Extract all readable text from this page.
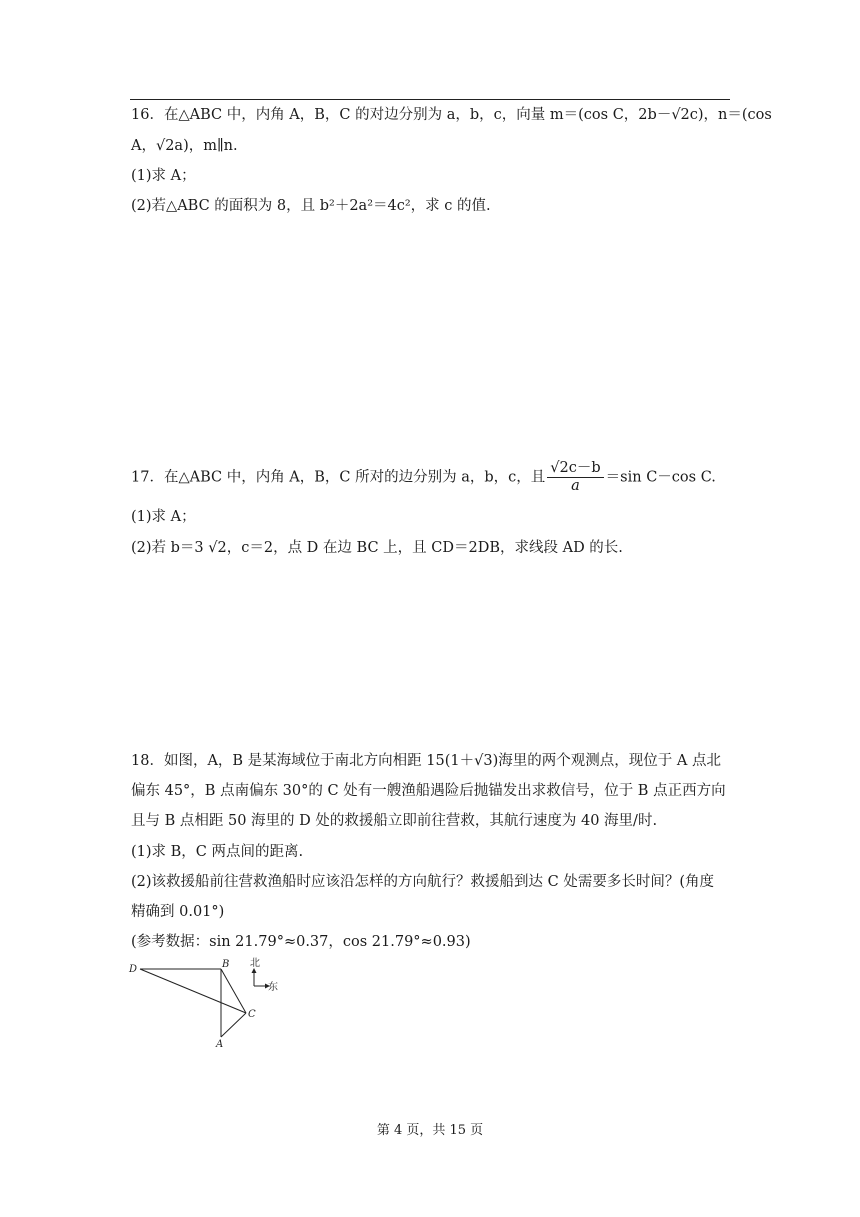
16．在△ABC 中，内角 A，B，C 的对边分别为 a，b，c，向量 m＝(cos C，2b－√2c)，n＝(cos
A，√2a)，m∥n.
(1)求 A；
(2)若△ABC 的面积为 8，且 b²＋2a²＝4c²，求 c 的值.
17．在△ABC 中，内角 A，B，C 所对的边分别为 a，b，c，且 $\frac{√2c-b}{a} =\sin$ C－cos C.
(1)求 A；
(2)若 b＝3 √2，c＝2，点 D 在边 BC 上，且 CD＝2DB，求线段 AD 的长.
18．如图，A，B 是某海域位于南北方向相距 15(1＋√3)海里的两个观测点，现位于 A 点北
偏东 45°，B 点南偏东 30°的 C 处有一艘渔船遇险后抛锚发出求救信号，位于 B 点正西方向
且与 B 点相距 50 海里的 D 处的救援船立即前往营救，其航行速度为 40 海里/时.
(1)求 B，C 两点间的距离.
(2)该救援船前往营救渔船时应该沿怎样的方向航行？救援船到达 C 处需要多长时间？(角度
精确到 0.01°)
(参考数据：sin 21.79°≈0.37，cos 21.79°≈0.93)
D	B
C
A
北
东
第 4 页，共 15 页
